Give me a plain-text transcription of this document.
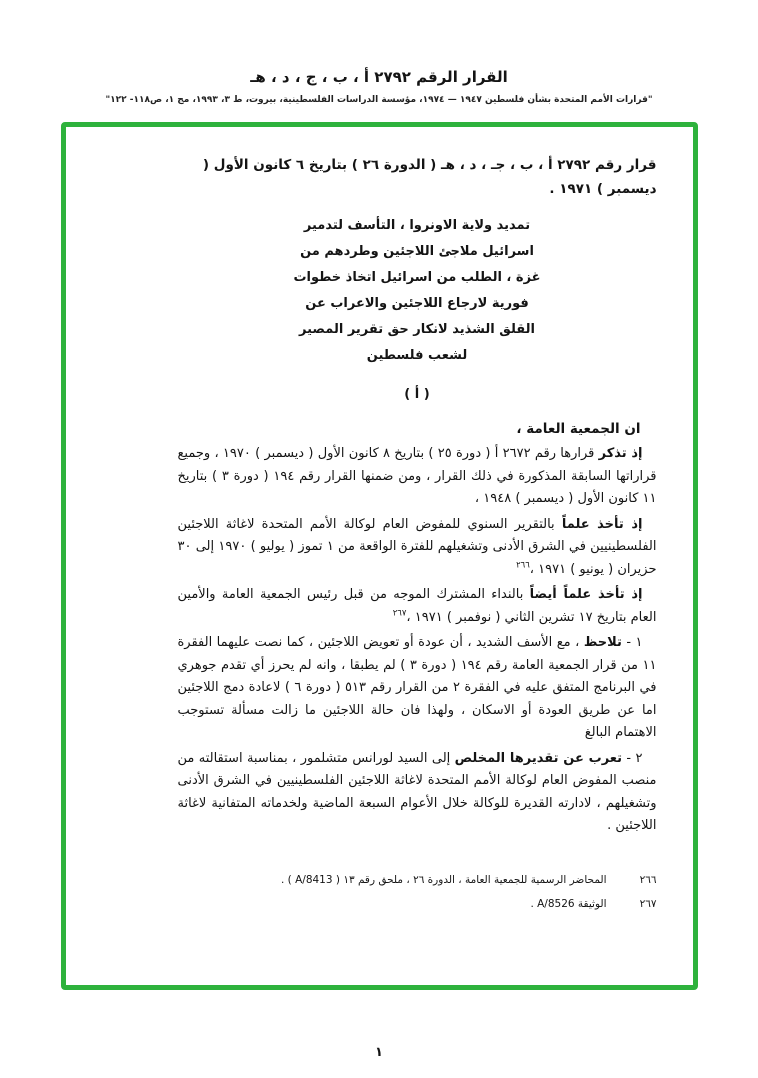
القرار الرقم ٢٧٩٢ أ ، ب ، ج ، د ، هـ
"قرارات الأمم المتحدة بشأن فلسطين ١٩٤٧ — ١٩٧٤، مؤسسة الدراسات الفلسطينية، بيروت، ط ٣، ١٩٩٣، مج ١، ص١١٨- ١٢٢"

قرار رقم ٢٧٩٢ أ ، ب ، جـ ، د ، هـ ( الدورة ٢٦ ) بتاريخ ٦ كانون الأول ( ديسمبر ) ١٩٧١ .

تمديد ولاية الاونروا ، التأسف لتدمير
اسرائيل ملاجئ اللاجئين وطردهم من
غزة ، الطلب من اسرائيل اتخاذ خطوات
فورية لارجاع اللاجئين والاعراب عن
القلق الشذيد لانكار حق تقرير المصير
لشعب فلسطين
( أ )

ان الجمعية العامة ،

إذ تذكر قرارها رقم ٢٦٧٢ أ ( دورة ٢٥ ) بتاريخ ٨ كانون الأول ( ديسمبر ) ١٩٧٠ ، وجميع قراراتها السابقة المذكورة في ذلك القرار ، ومن ضمنها القرار رقم ١٩٤ ( دورة ٣ ) بتاريخ ١١ كانون الأول ( ديسمبر ) ١٩٤٨ ،

إذ تأخذ علماً بالتقرير السنوي للمفوض العام لوكالة الأمم المتحدة لاغاثة اللاجئين الفلسطينيين في الشرق الأدنى وتشغيلهم للفترة الواقعة من ١ تموز ( يوليو ) ١٩٧٠ إلى ٣٠ حزيران ( يونيو ) ١٩٧١ ،$^{٢٦٦}$

إذ تأخذ علماً أيضاً بالنداء المشترك الموجه من قبل رئيس الجمعية العامة والأمين العام بتاريخ ١٧ تشرين الثاني ( نوفمبر ) ١٩٧١ ،$^{٢٦٧}$

١ - تلاحظ ، مع الأسف الشديد ، أن عودة أو تعويض اللاجئين ، كما نصت عليهما الفقرة ١١ من قرار الجمعية العامة رقم ١٩٤ ( دورة ٣ ) لم يطبقا ، وانه لم يحرز أي تقدم جوهري في البرنامج المتفق عليه في الفقرة ٢ من القرار رقم ٥١٣ ( دورة ٦ ) لاعادة دمج اللاجئين اما عن طريق العودة أو الاسكان ، ولهذا فان حالة اللاجئين ما زالت مسألة تستوجب الاهتمام البالغ

٢ - تعرب عن تقديرها المخلص إلى السيد لورانس متشلمور ، بمناسبة استقالته من منصب المفوض العام لوكالة الأمم المتحدة لاغاثة اللاجئين الفلسطينيين في الشرق الأدنى وتشغيلهم ، لادارته القديرة للوكالة خلال الأعوام السبعة الماضية ولخدماته المتفانية لاغاثة اللاجئين .

٢٦٦
المحاضر الرسمية للجمعية العامة ، الدورة ٢٦ ، ملحق رقم ١٣ ( A/8413 ) .
٢٦٧
الوثيقة A/8526 .
١
